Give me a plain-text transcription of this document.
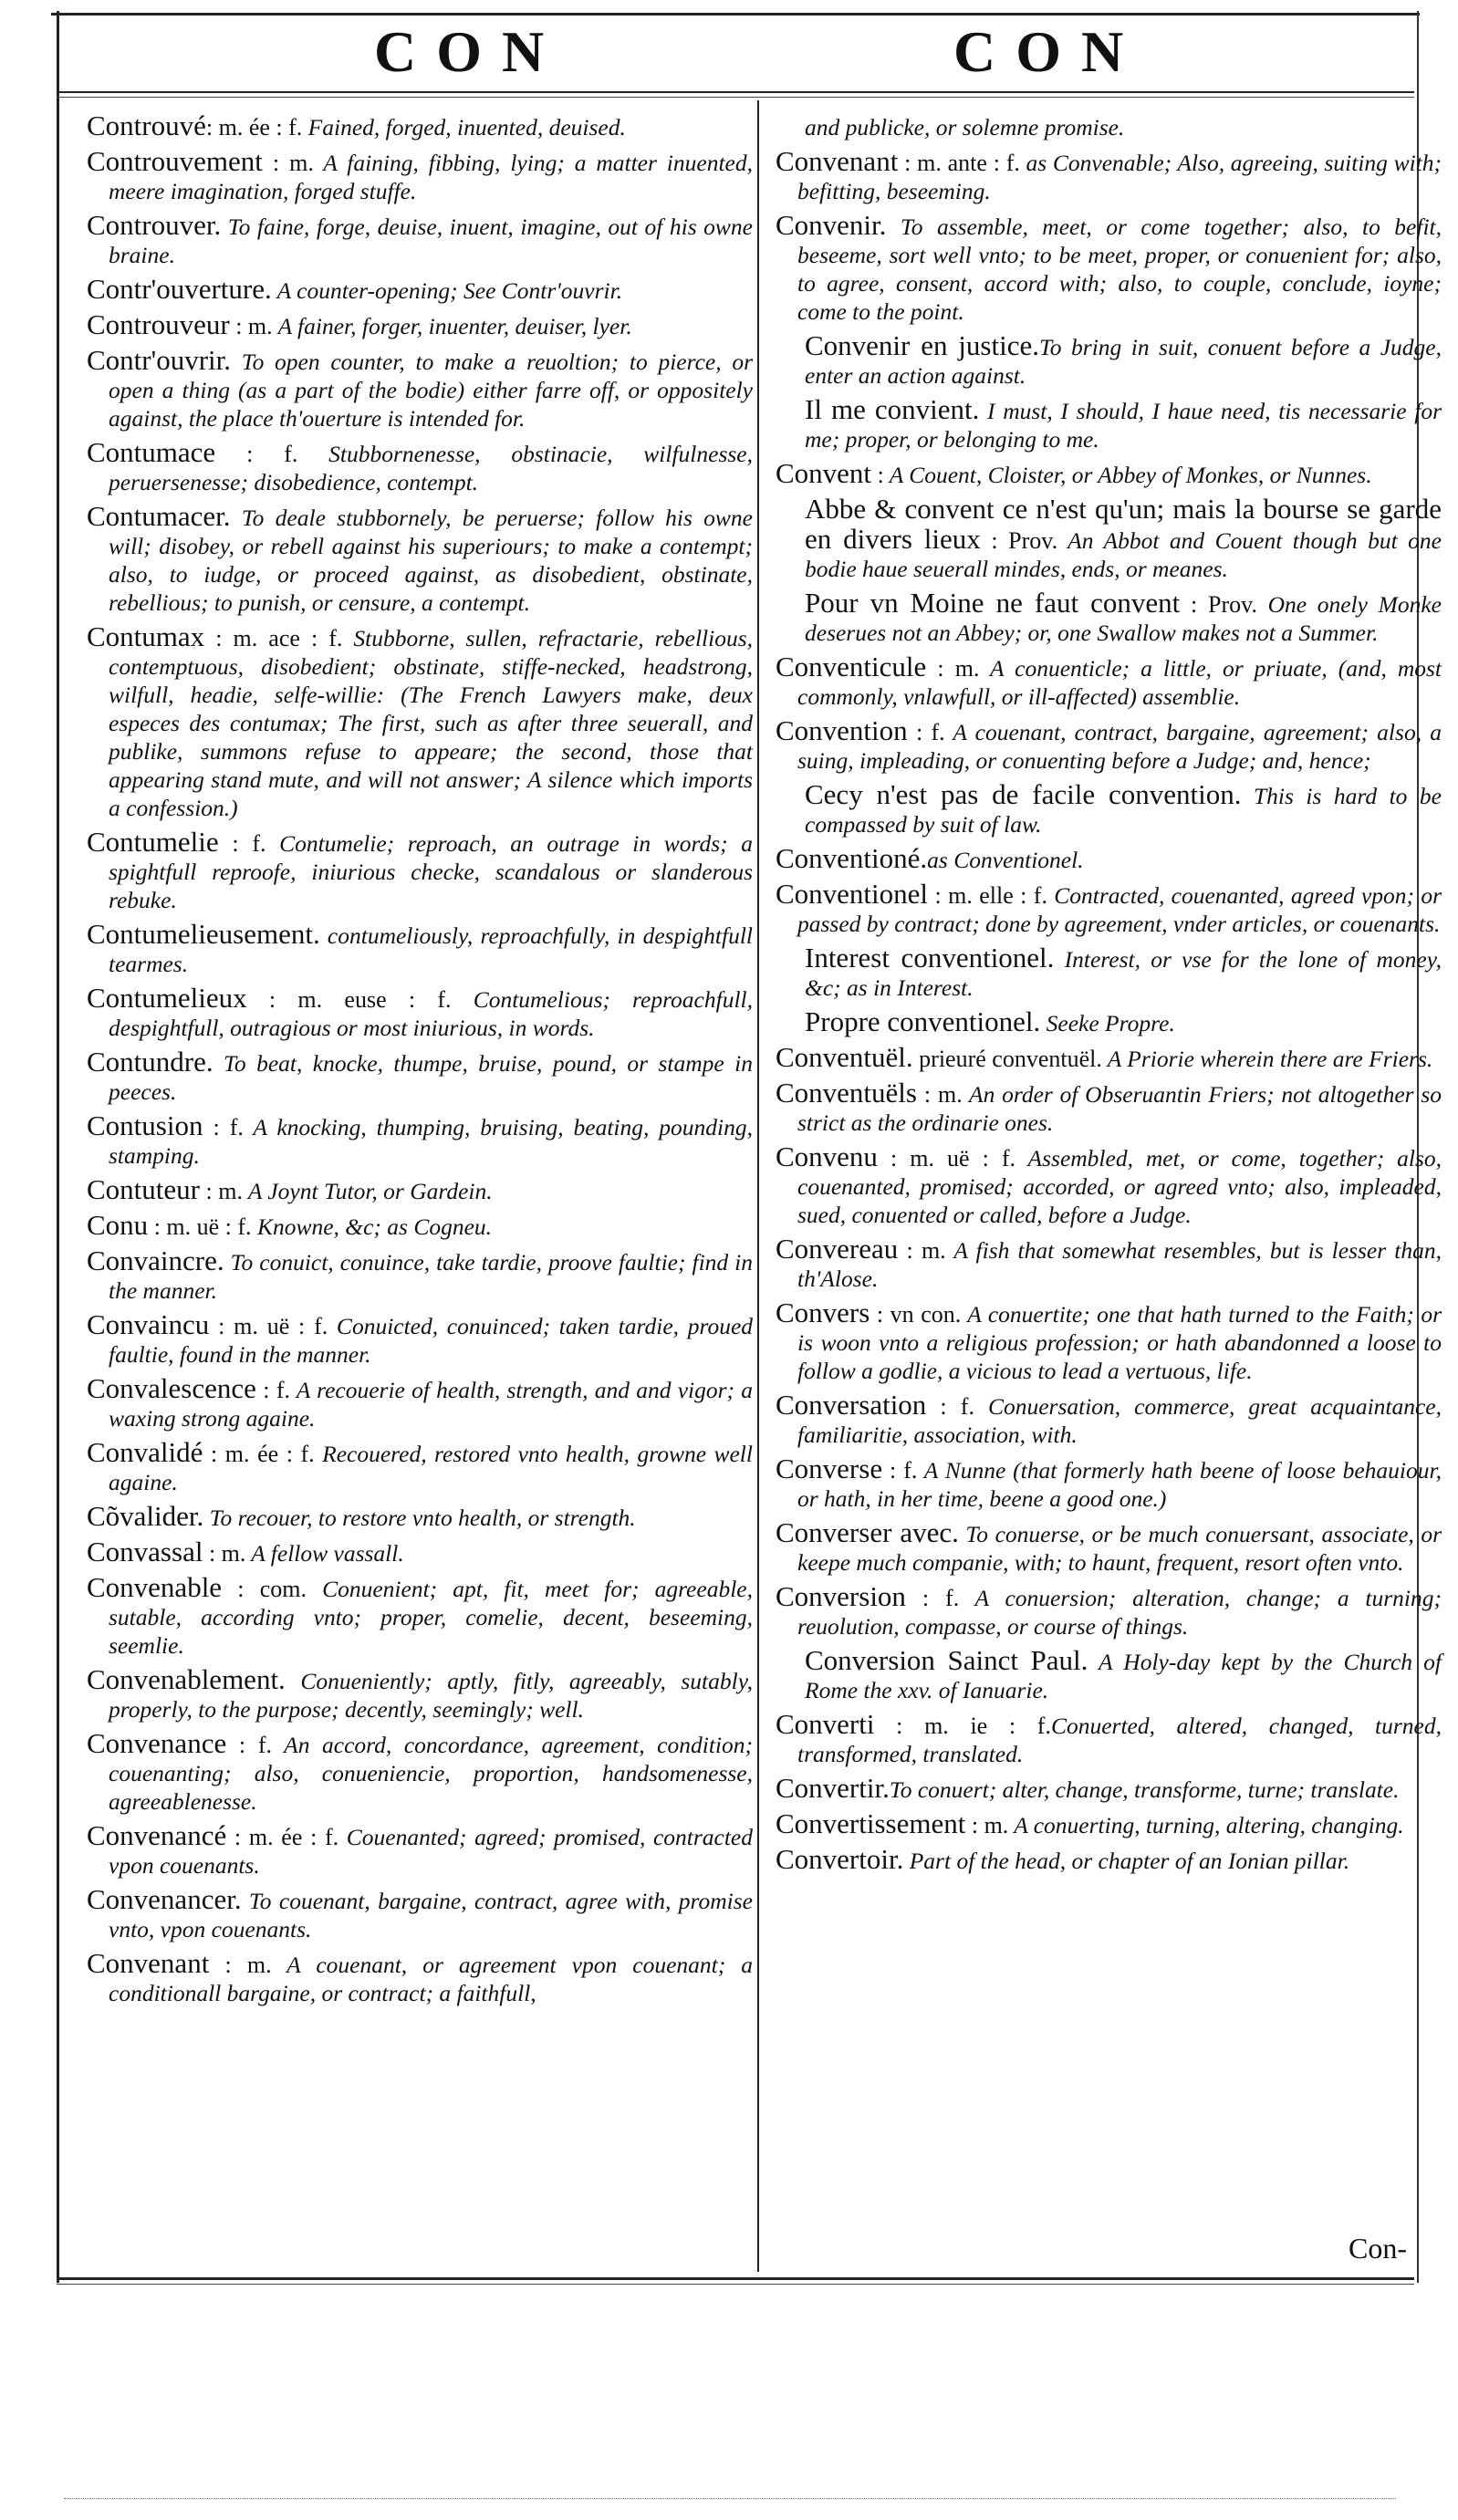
CON	CON

Controuvé: m. ée : f. Fained, forged, inuented, deuised.

Controuvement : m. A faining, fibbing, lying; a matter inuented, meere imagination, forged stuffe.

Controuver. To faine, forge, deuise, inuent, imagine, out of his owne braine.

Contr'ouverture. A counter-opening; See Contr'ouvrir.

Controuveur : m. A fainer, forger, inuenter, deuiser, lyer.

Contr'ouvrir. To open counter, to make a reuoltion; to pierce, or open a thing (as a part of the bodie) either farre off, or oppositely against, the place th'ouerture is intended for.

Contumace : f. Stubbornenesse, obstinacie, wilfulnesse, peruersenesse; disobedience, contempt.

Contumacer. To deale stubbornely, be peruerse; follow his owne will; disobey, or rebell against his superiours; to make a contempt; also, to iudge, or proceed against, as disobedient, obstinate, rebellious; to punish, or censure, a contempt.

Contumax : m. ace : f. Stubborne, sullen, refractarie, rebellious, contemptuous, disobedient; obstinate, stiffe-necked, headstrong, wilfull, headie, selfe-willie: (The French Lawyers make, deux especes des contumax; The first, such as after three seuerall, and publike, summons refuse to appeare; the second, those that appearing stand mute, and will not answer; A silence which imports a confession.)

Contumelie : f. Contumelie; reproach, an outrage in words; a spightfull reproofe, iniurious checke, scandalous or slanderous rebuke.

Contumelieusement. contumeliously, reproachfully, in despightfull tearmes.

Contumelieux : m. euse : f. Contumelious; reproachfull, despightfull, outragious or most iniurious, in words.

Contundre. To beat, knocke, thumpe, bruise, pound, or stampe in peeces.

Contusion : f. A knocking, thumping, bruising, beating, pounding, stamping.

Contuteur : m. A Joynt Tutor, or Gardein.

Conu : m. uë : f. Knowne, &c; as Cogneu.

Convaincre. To conuict, conuince, take tardie, proove faultie; find in the manner.

Convaincu : m. uë : f. Conuicted, conuinced; taken tardie, proued faultie, found in the manner.

Convalescence : f. A recouerie of health, strength, and and vigor; a waxing strong againe.

Convalidé : m. ée : f. Recouered, restored vnto health, growne well againe.

Cõvalider. To recouer, to restore vnto health, or strength.

Convassal : m. A fellow vassall.

Convenable : com. Conuenient; apt, fit, meet for; agreeable, sutable, according vnto; proper, comelie, decent, beseeming, seemlie.

Convenablement. Conueniently; aptly, fitly, agreeably, sutably, properly, to the purpose; decently, seemingly; well.

Convenance : f. An accord, concordance, agreement, condition; couenanting; also, conueniencie, proportion, handsomenesse, agreeablenesse.

Convenancé : m. ée : f. Couenanted; agreed; promised, contracted vpon couenants.

Convenancer. To couenant, bargaine, contract, agree with, promise vnto, vpon couenants.

Convenant : m. A couenant, or agreement vpon couenant; a conditionall bargaine, or contract; a faithfull,

and publicke, or solemne promise.

Convenant : m. ante : f. as Convenable; Also, agreeing, suiting with; befitting, beseeming.

Convenir. To assemble, meet, or come together; also, to befit, beseeme, sort well vnto; to be meet, proper, or conuenient for; also, to agree, consent, accord with; also, to couple, conclude, ioyne; come to the point.

Convenir en justice.To bring in suit, conuent before a Judge, enter an action against.

Il me convient. I must, I should, I haue need, tis necessarie for me; proper, or belonging to me.

Convent : A Couent, Cloister, or Abbey of Monkes, or Nunnes.

Abbe & convent ce n'est qu'un; mais la bourse se garde en divers lieux : Prov. An Abbot and Couent though but one bodie haue seuerall mindes, ends, or meanes.

Pour vn Moine ne faut convent : Prov. One onely Monke deserues not an Abbey; or, one Swallow makes not a Summer.

Conventicule : m. A conuenticle; a little, or priuate, (and, most commonly, vnlawfull, or ill-affected) assemblie.

Convention : f. A couenant, contract, bargaine, agreement; also, a suing, impleading, or conuenting before a Judge; and, hence;

Cecy n'est pas de facile convention. This is hard to be compassed by suit of law.

Conventioné.as Conventionel.

Conventionel : m. elle : f. Contracted, couenanted, agreed vpon; or passed by contract; done by agreement, vnder articles, or couenants.

Interest conventionel. Interest, or vse for the lone of money, &c; as in Interest.

Propre conventionel. Seeke Propre.

Conventuël. prieuré conventuël. A Priorie wherein there are Friers.

Conventuëls : m. An order of Obseruantin Friers; not altogether so strict as the ordinarie ones.

Convenu : m. uë : f. Assembled, met, or come, together; also, couenanted, promised; accorded, or agreed vnto; also, impleaded, sued, conuented or called, before a Judge.

Convereau : m. A fish that somewhat resembles, but is lesser than, th'Alose.

Convers : vn con. A conuertite; one that hath turned to the Faith; or is woon vnto a religious profession; or hath abandonned a loose to follow a godlie, a vicious to lead a vertuous, life.

Conversation : f. Conuersation, commerce, great acquaintance, familiaritie, association, with.

Converse : f. A Nunne (that formerly hath beene of loose behauiour, or hath, in her time, beene a good one.)

Converser avec. To conuerse, or be much conuersant, associate, or keepe much companie, with; to haunt, frequent, resort often vnto.

Conversion : f. A conuersion; alteration, change; a turning; reuolution, compasse, or course of things.

Conversion Sainct Paul. A Holy-day kept by the Church of Rome the xxv. of Ianuarie.

Converti : m. ie : f.Conuerted, altered, changed, turned, transformed, translated.

Convertir.To conuert; alter, change, transforme, turne; translate.

Convertissement : m. A conuerting, turning, altering, changing.

Convertoir. Part of the head, or chapter of an Ionian pillar.

Con-
